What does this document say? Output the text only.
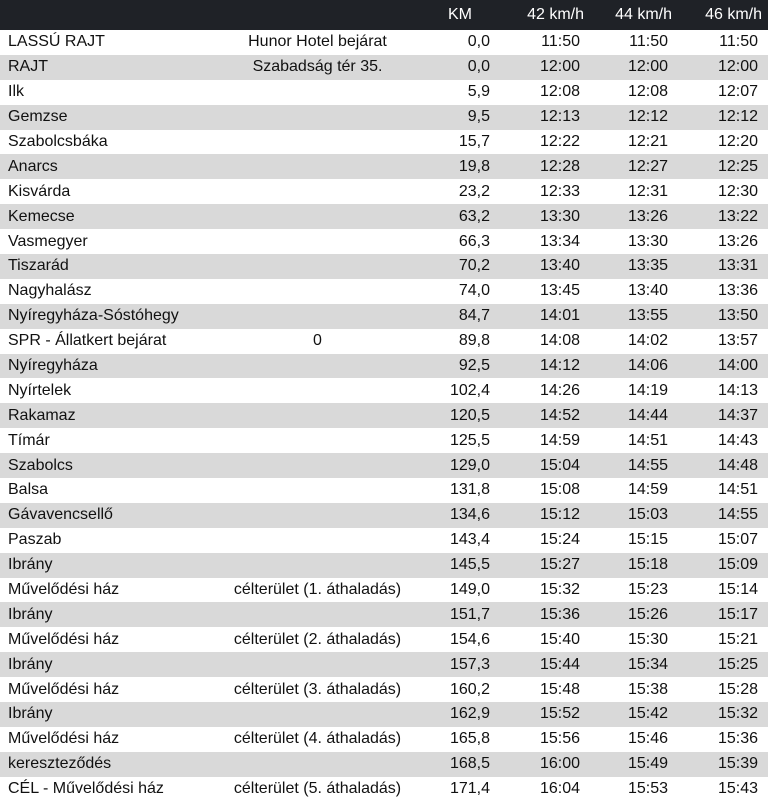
		KM	42 km/h	44 km/h	46 km/h
LASSÚ RAJT	Hunor Hotel bejárat	0,0	11:50	11:50	11:50
RAJT	Szabadság tér 35.	0,0	12:00	12:00	12:00
Ilk		5,9	12:08	12:08	12:07
Gemzse		9,5	12:13	12:12	12:12
Szabolcsbáka		15,7	12:22	12:21	12:20
Anarcs		19,8	12:28	12:27	12:25
Kisvárda		23,2	12:33	12:31	12:30
Kemecse		63,2	13:30	13:26	13:22
Vasmegyer		66,3	13:34	13:30	13:26
Tiszarád		70,2	13:40	13:35	13:31
Nagyhalász		74,0	13:45	13:40	13:36
Nyíregyháza-Sóstóhegy		84,7	14:01	13:55	13:50
SPR - Állatkert bejárat	0	89,8	14:08	14:02	13:57
Nyíregyháza		92,5	14:12	14:06	14:00
Nyírtelek		102,4	14:26	14:19	14:13
Rakamaz		120,5	14:52	14:44	14:37
Tímár		125,5	14:59	14:51	14:43
Szabolcs		129,0	15:04	14:55	14:48
Balsa		131,8	15:08	14:59	14:51
Gávavencsellő		134,6	15:12	15:03	14:55
Paszab		143,4	15:24	15:15	15:07
Ibrány		145,5	15:27	15:18	15:09
Művelődési ház	célterület (1. áthaladás)	149,0	15:32	15:23	15:14
Ibrány		151,7	15:36	15:26	15:17
Művelődési ház	célterület (2. áthaladás)	154,6	15:40	15:30	15:21
Ibrány		157,3	15:44	15:34	15:25
Művelődési ház	célterület (3. áthaladás)	160,2	15:48	15:38	15:28
Ibrány		162,9	15:52	15:42	15:32
Művelődési ház	célterület (4. áthaladás)	165,8	15:56	15:46	15:36
kereszteződés		168,5	16:00	15:49	15:39
CÉL - Művelődési ház	célterület (5. áthaladás)	171,4	16:04	15:53	15:43
